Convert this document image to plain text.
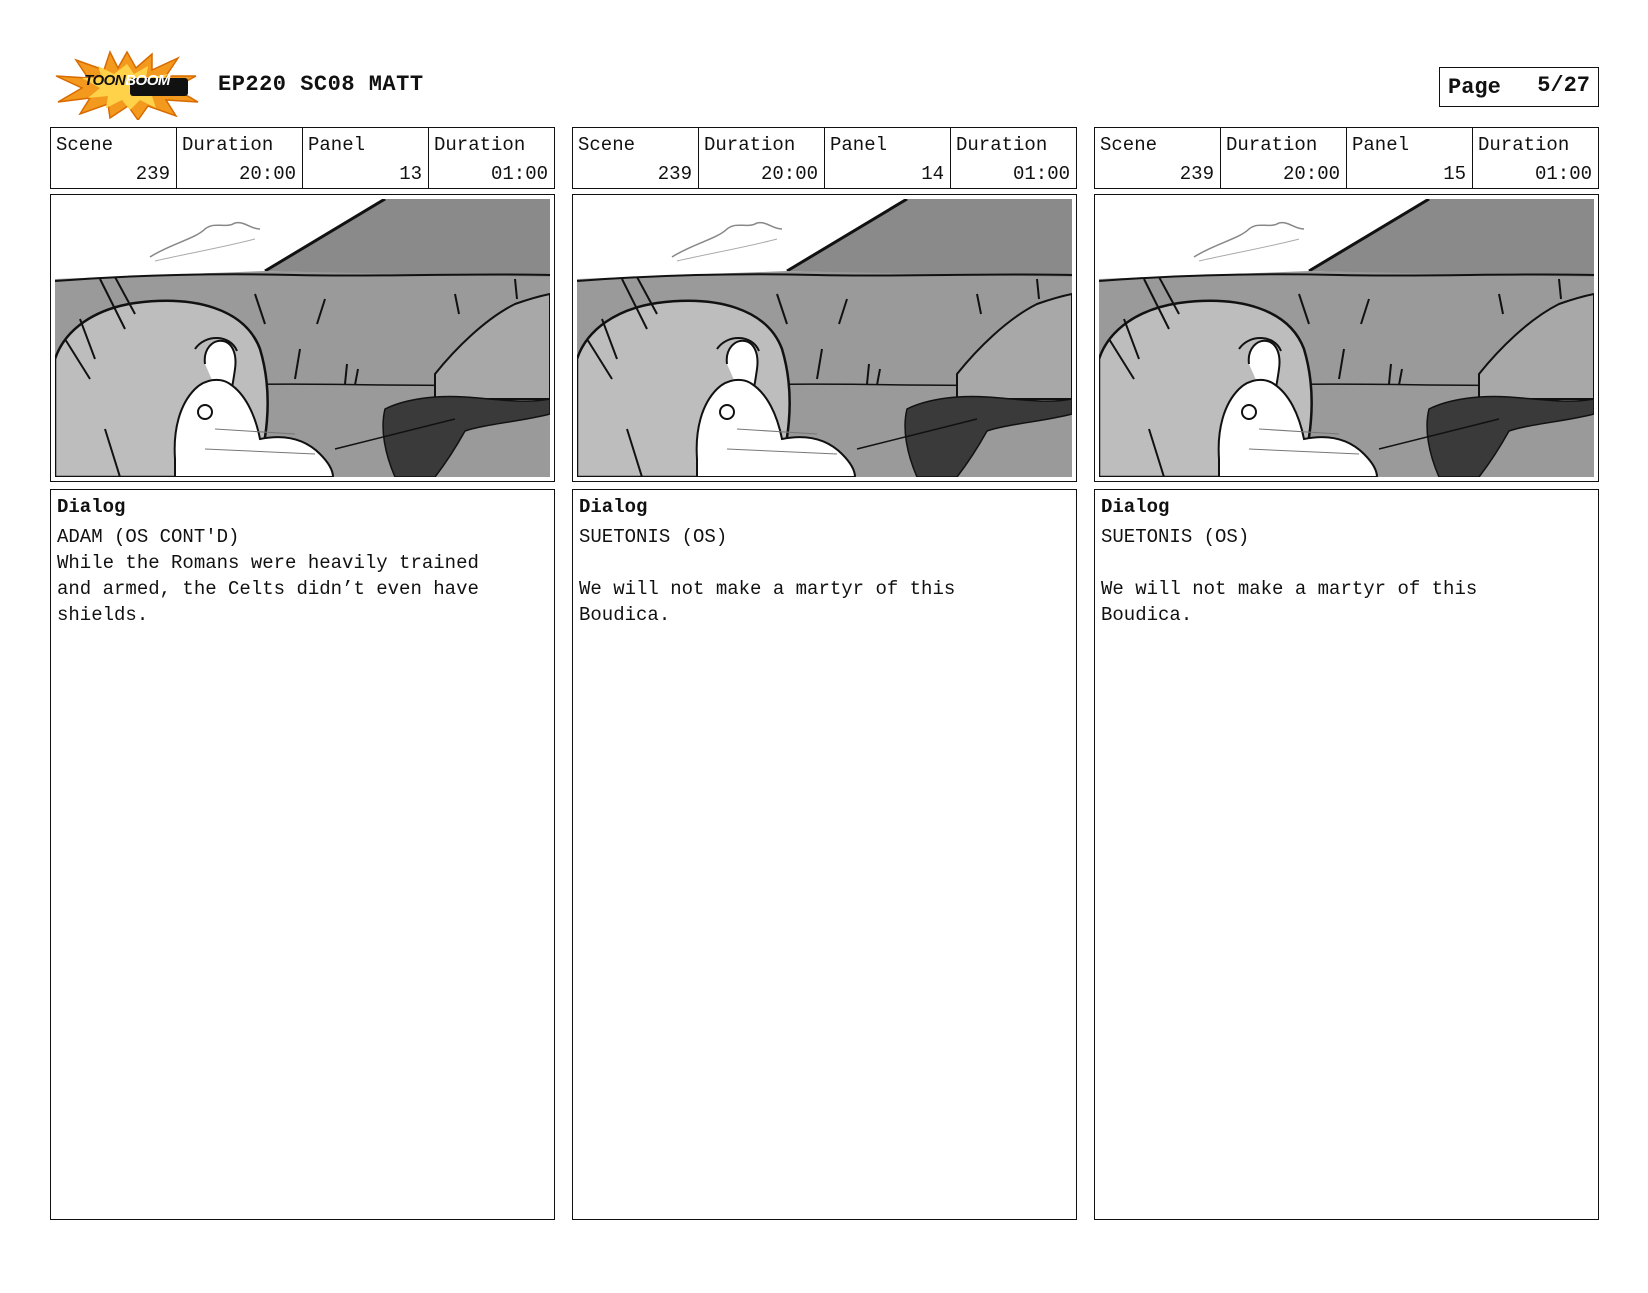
TOONBOOM	EP220 SC08 MATT	Page 5/27
Scene
239
Duration
20:00
Panel
13
Duration
01:00
Dialog
ADAM (OS CONT'D)
While the Romans were heavily trained
and armed, the Celts didn’t even have
shields.
Scene
239
Duration
20:00
Panel
14
Duration
01:00
Dialog
SUETONIS (OS)

We will not make a martyr of this
Boudica.
Scene
239
Duration
20:00
Panel
15
Duration
01:00
Dialog
SUETONIS (OS)

We will not make a martyr of this
Boudica.
